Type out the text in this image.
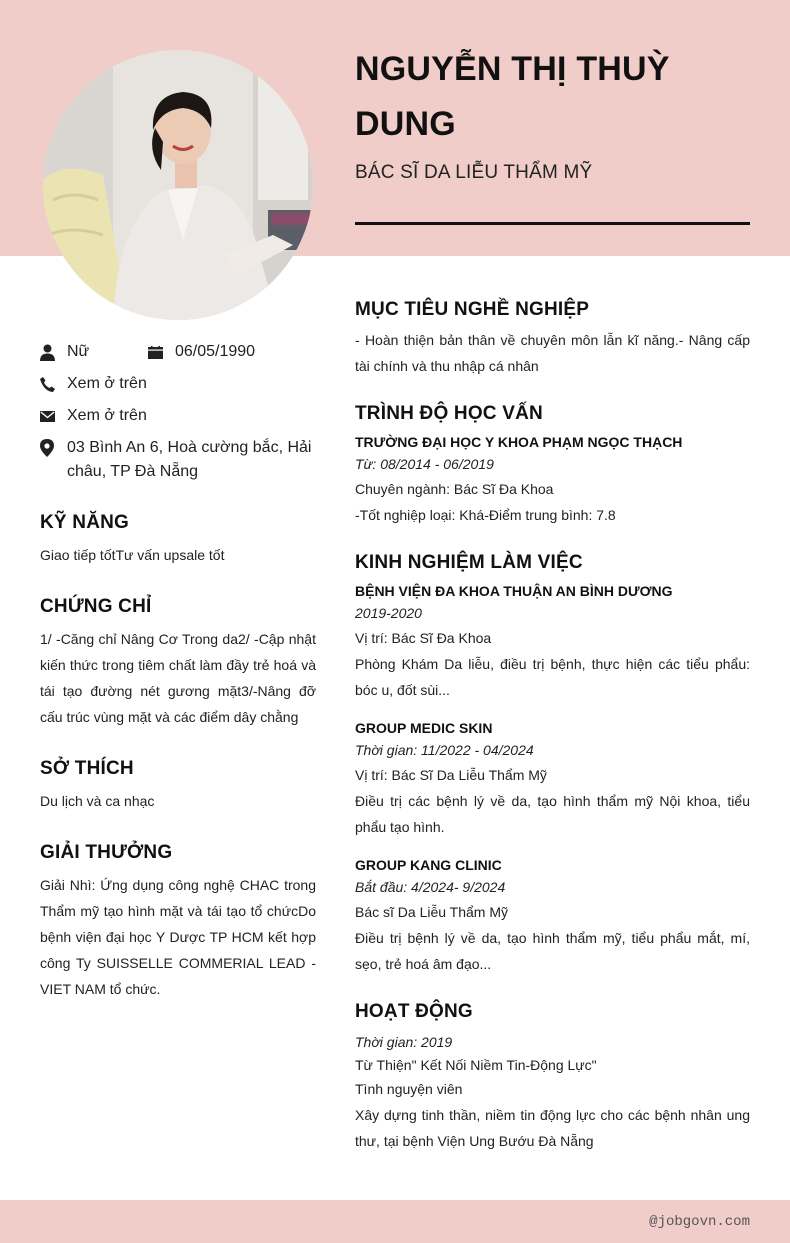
NGUYỄN THỊ THUỲ DUNG
BÁC SĨ DA LIỄU THẨM MỸ
Nữ	06/05/1990
Xem ở trên
Xem ở trên
03 Bình An 6, Hoà cường bắc, Hải châu, TP Đà Nẵng
KỸ NĂNG
Giao tiếp tốtTư vấn upsale tốt
CHỨNG CHỈ
1/ -Căng chỉ Nâng Cơ Trong da2/ -Cập nhật kiến thức trong tiêm chất làm đầy trẻ hoá và tái tạo đường nét gương mặt3/-Nâng đỡ cấu trúc vùng mặt và các điểm dây chằng
SỞ THÍCH
Du lịch và ca nhạc
GIẢI THƯỞNG
Giải Nhì: Ứng dụng công nghệ CHAC trong Thẩm mỹ tạo hình mặt và tái tạo tổ chứcDo bệnh viện đại học Y Dược TP HCM kết hợp công Ty SUISSELLE COMMERIAL LEAD - VIET NAM tổ chức.
MỤC TIÊU NGHỀ NGHIỆP
- Hoàn thiện bản thân về chuyên môn lẫn kĩ năng.- Nâng cấp tài chính và thu nhập cá nhân
TRÌNH ĐỘ HỌC VẤN
TRƯỜNG ĐẠI HỌC Y KHOA PHẠM NGỌC THẠCH
Từ: 08/2014 - 06/2019
Chuyên ngành: Bác Sĩ Đa Khoa
-Tốt nghiệp loại: Khá-Điểm trung bình: 7.8
KINH NGHIỆM LÀM VIỆC
BỆNH VIỆN ĐA KHOA THUẬN AN BÌNH DƯƠNG
2019-2020
Vị trí: Bác Sĩ Đa Khoa
Phòng Khám Da liễu, điều trị bệnh, thực hiện các tiểu phẩu: bóc u, đốt sùi...
GROUP MEDIC SKIN
Thời gian: 11/2022 - 04/2024
Vị trí: Bác Sĩ Da Liễu Thẩm Mỹ
Điều trị các bệnh lý về da, tạo hình thẩm mỹ Nội khoa, tiểu phẩu tạo hình.
GROUP KANG CLINIC
Bắt đầu: 4/2024- 9/2024
Bác sĩ Da Liễu Thẩm Mỹ
Điều trị bệnh lý về da, tạo hình thẩm mỹ, tiểu phẩu mắt, mí, sẹo, trẻ hoá âm đạo...
HOẠT ĐỘNG
Thời gian: 2019
Từ Thiện" Kết Nối Niềm Tin-Động Lực"
Tình nguyện viên
Xây dựng tinh thần, niềm tin động lực cho các bệnh nhân ung thư, tại bệnh Viện Ung Bướu Đà Nẵng
@jobgovn.com
